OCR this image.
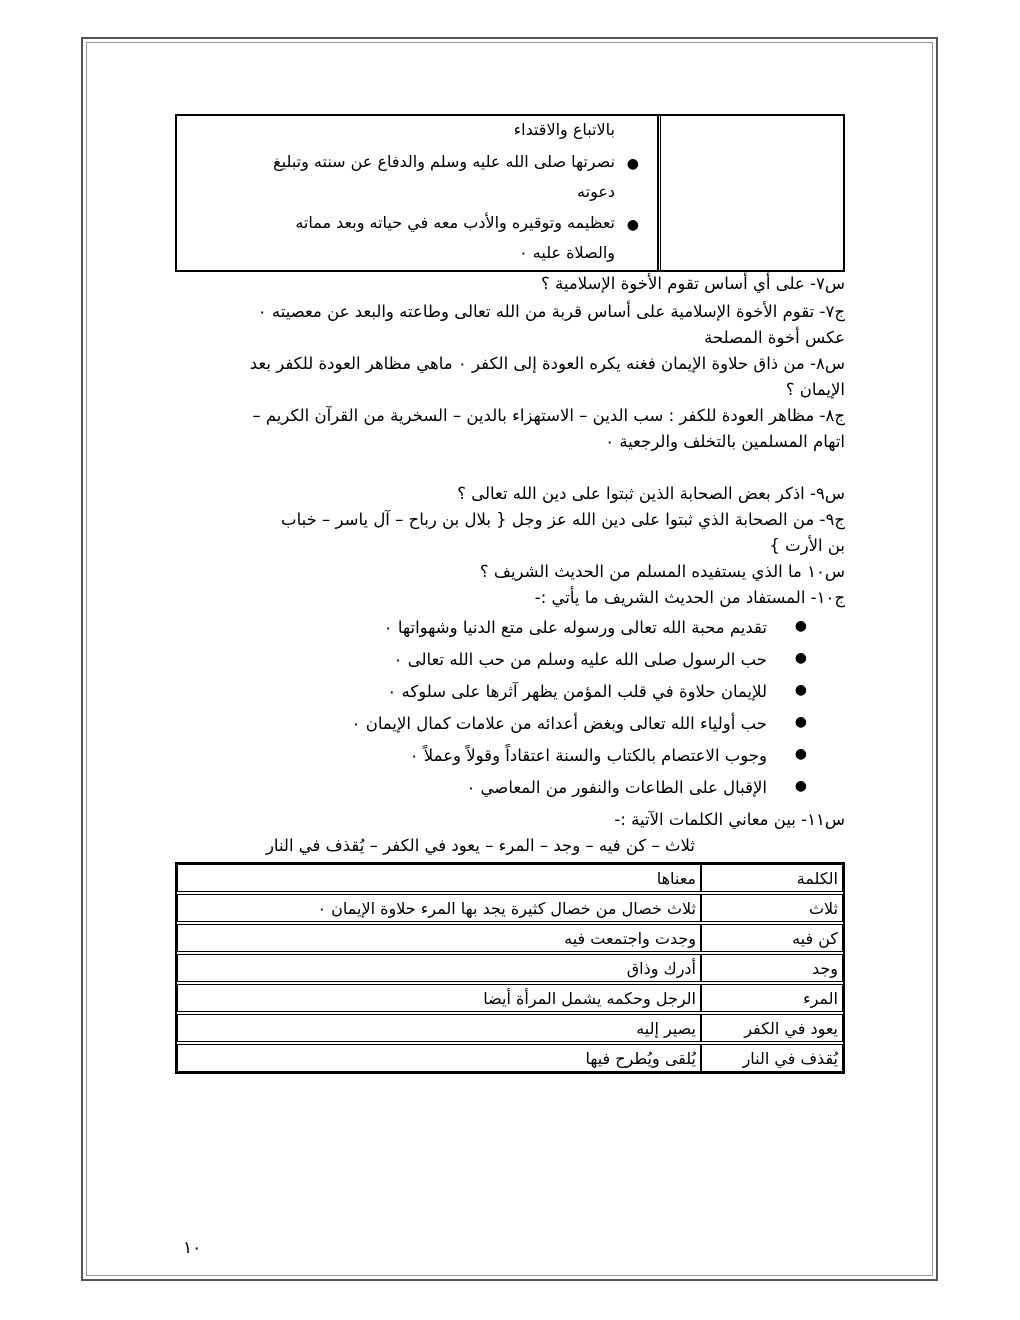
بالاتباع والاقتداء
●
نصرتها صلى الله عليه وسلم والدفاع عن سنته وتبليغ
دعوته
●
تعظيمه وتوقيره والأدب معه في حياته وبعد مماته
والصلاة عليه ٠
س٧- على أي أساس تقوم الأخوة الإسلامية ؟
ج٧- تقوم الأخوة الإسلامية على أساس قربة من الله تعالى وطاعته والبعد عن معصيته ٠
عكس أخوة المصلحة
س٨- من ذاق حلاوة الإيمان فغنه يكره العودة إلى الكفر ٠ ماهي مظاهر العودة للكفر بعد
الإيمان ؟
ج٨- مظاهر العودة للكفر : سب الدين – الاستهزاء بالدين – السخرية من القرآن الكريم –
اتهام المسلمين بالتخلف والرجعية ٠
س٩- اذكر بعض الصحابة الذين ثبتوا على دين الله تعالى ؟
ج٩- من الصحابة الذي ثبتوا على دين الله عز وجل { بلال بن رباح – آل ياسر – خباب
بن الأرت }
س١٠ ما الذي يستفيده المسلم من الحديث الشريف ؟
ج١٠- المستفاد من الحديث الشريف ما يأتي :-
●
تقديم محبة الله تعالى ورسوله على متع الدنيا وشهواتها ٠
●
حب الرسول صلى الله عليه وسلم من حب الله تعالى ٠
●
للإيمان حلاوة في قلب المؤمن يظهر آثرها على سلوكه ٠
●
حب أولياء الله تعالى وبغض أعدائه من علامات كمال الإيمان ٠
●
وجوب الاعتصام بالكتاب والسنة اعتقاداً وقولاً وعملاً ٠
●
الإقبال على الطاعات والنفور من المعاصي ٠
س١١- بين معاني الكلمات الآتية :-
ثلاث – كن فيه – وجد – المرء – يعود في الكفر – يُقذف في النار
الكلمة	معناها

ثلاث	ثلاث خصال من خصال كثيرة يجد بها المرء حلاوة الإيمان ٠

كن فيه	وجدت واجتمعت فيه

وجد	أدرك وذاق

المرء	الرجل وحكمه يشمل المرأة أيضا

يعود في الكفر	يصير إليه

يُقذف في النار	يُلقى ويُطرح فيها
١٠
